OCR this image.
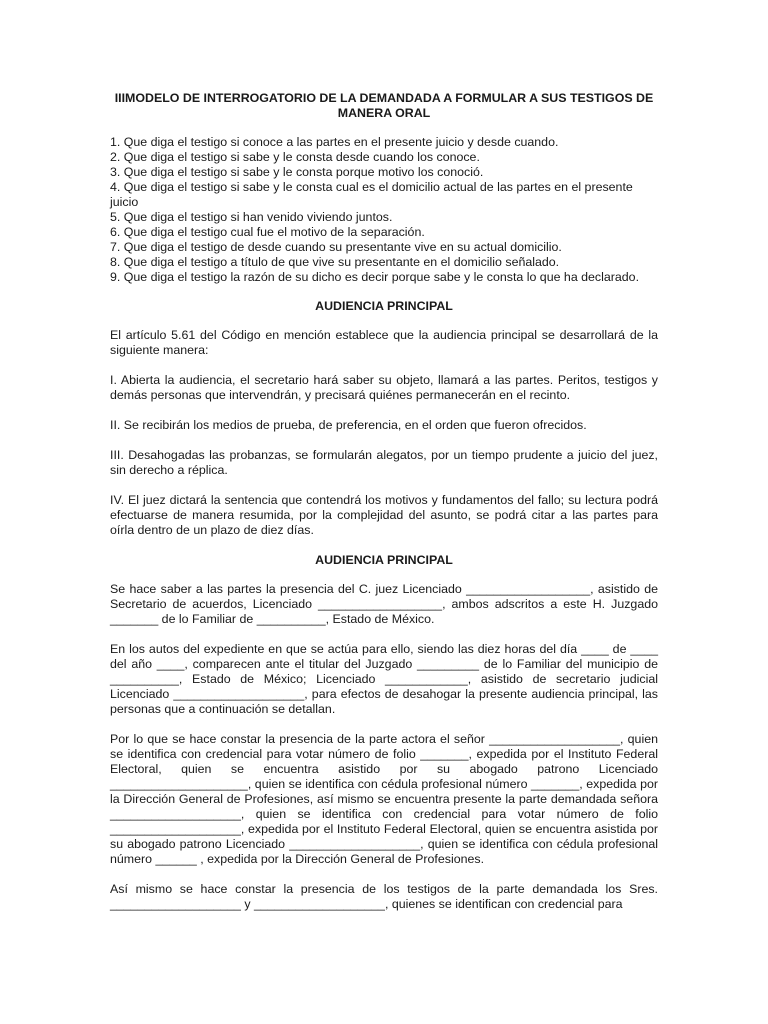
IIIMODELO DE INTERROGATORIO DE LA DEMANDADA A FORMULAR A SUS TESTIGOS DE MANERA ORAL
1. Que diga el testigo si conoce a las partes en el presente juicio y desde cuando.
2. Que diga el testigo si sabe y le consta desde cuando los conoce.
3. Que diga el testigo si sabe y le consta porque motivo los conoció.
4. Que diga el testigo si sabe y le consta cual es el domicilio actual de las partes en el presente juicio
5. Que diga el testigo si han venido viviendo juntos.
6. Que diga el testigo cual fue el motivo de la separación.
7. Que diga el testigo de desde cuando su presentante vive en su actual domicilio.
8. Que diga el testigo a título de que vive su presentante en el domicilio señalado.
9. Que diga el testigo la razón de su dicho es decir porque sabe y le consta lo que ha declarado.
AUDIENCIA PRINCIPAL

El artículo 5.61 del Código en mención establece que la audiencia principal se desarrollará de la siguiente manera:

I. Abierta la audiencia, el secretario hará saber su objeto, llamará a las partes. Peritos, testigos y demás personas que intervendrán, y precisará quiénes permanecerán en el recinto.

II. Se recibirán los medios de prueba, de preferencia, en el orden que fueron ofrecidos.

III. Desahogadas las probanzas, se formularán alegatos, por un tiempo prudente a juicio del juez, sin derecho a réplica.

IV. El juez dictará la sentencia que contendrá los motivos y fundamentos del fallo; su lectura podrá efectuarse de manera resumida, por la complejidad del asunto, se podrá citar a las partes para oírla dentro de un plazo de diez días.

AUDIENCIA PRINCIPAL

Se hace saber a las partes la presencia del C. juez Licenciado __________________, asistido de Secretario de acuerdos, Licenciado __________________, ambos adscritos a este H. Juzgado _______ de lo Familiar de __________, Estado de México.

En los autos del expediente en que se actúa para ello, siendo las diez horas del día ____ de ____ del año ____, comparecen ante el titular del Juzgado _________ de lo Familiar del municipio de __________, Estado de México; Licenciado ____________, asistido de secretario judicial Licenciado ___________________, para efectos de desahogar la presente audiencia principal, las personas que a continuación se detallan.

Por lo que se hace constar la presencia de la parte actora el señor ___________________, quien se identifica con credencial para votar número de folio _______, expedida por el Instituto Federal Electoral, quien se encuentra asistido por su abogado patrono Licenciado ____________________, quien se identifica con cédula profesional número _______, expedida por la Dirección General de Profesiones, así mismo se encuentra presente la parte demandada señora ___________________, quien se identifica con credencial para votar número de folio ___________________, expedida por el Instituto Federal Electoral, quien se encuentra asistida por su abogado patrono Licenciado ___________________, quien se identifica con cédula profesional número ______ , expedida por la Dirección General de Profesiones.

Así mismo se hace constar la presencia de los testigos de la parte demandada los Sres. ___________________ y ___________________, quienes se identifican con credencial para
